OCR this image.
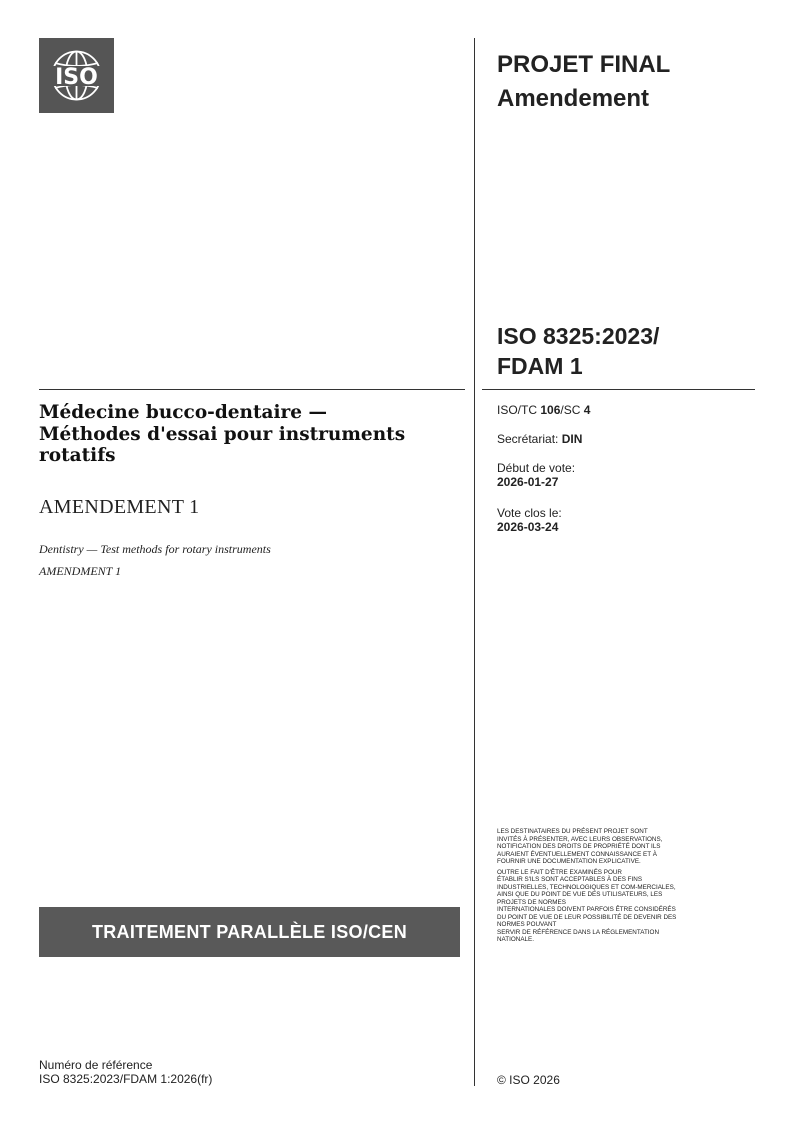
ISO	PROJET FINAL
Amendement
ISO 8325:2023/
FDAM 1
Médecine bucco-dentaire —
Méthodes d'essai pour instruments
rotatifs
AMENDEMENT 1
Dentistry — Test methods for rotary instruments
AMENDMENT 1
ISO/TC 106/SC 4
Secrétariat: DIN
Début de vote:
2026-01-27
Vote clos le:
2026-03-24

LES DESTINATAIRES DU PRÉSENT PROJET SONT
INVITÉS À PRÉSENTER, AVEC LEURS OBSERVATIONS,
NOTIFICATION DES DROITS DE PROPRIÉTÉ DONT ILS
AURAIENT ÉVENTUELLEMENT CONNAISSANCE ET À
FOURNIR UNE DOCUMENTATION EXPLICATIVE.

OUTRE LE FAIT D'ÊTRE EXAMINÉS POUR
ÉTABLIR S'ILS SONT ACCEPTABLES À DES FINS
INDUSTRIELLES, TECHNOLOGIQUES ET COM-MERCIALES,
AINSI QUE DU POINT DE VUE DES UTILISATEURS, LES
PROJETS DE NORMES
INTERNATIONALES DOIVENT PARFOIS ÊTRE CONSIDÉRÉS
DU POINT DE VUE DE LEUR POSSIBILITÉ DE DEVENIR DES
NORMES POUVANT
SERVIR DE RÉFÉRENCE DANS LA RÉGLEMENTATION
NATIONALE.

TRAITEMENT PARALLÈLE ISO/CEN
Numéro de référence
ISO 8325:2023/FDAM 1:2026(fr)	© ISO 2026
